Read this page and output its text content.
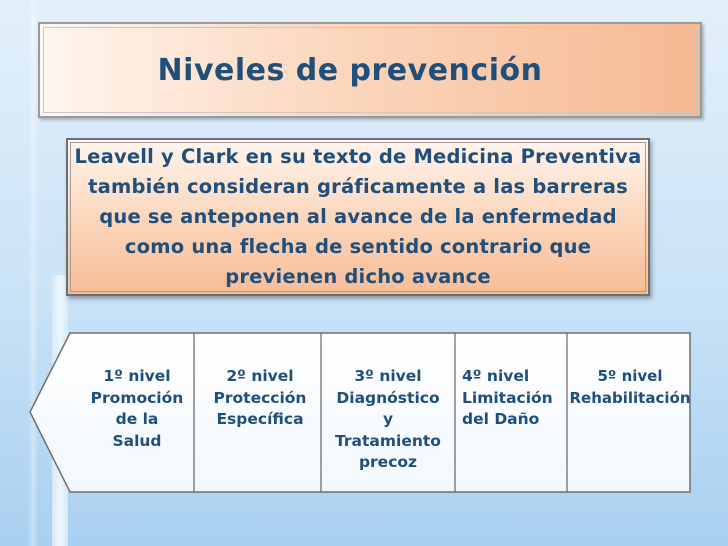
Niveles de prevención
Leavell y Clark en su texto de Medicina Preventiva también consideran gráficamente a las barreras que se anteponen al avance de la enfermedad como una flecha de sentido contrario que previenen dicho avance
1º nivel
Promoción
de la
Salud
2º nivel
Protección
Específica
3º nivel
Diagnóstico
y
Tratamiento
precoz
4º nivel
Limitación
del Daño
5º nivel
Rehabilitación
